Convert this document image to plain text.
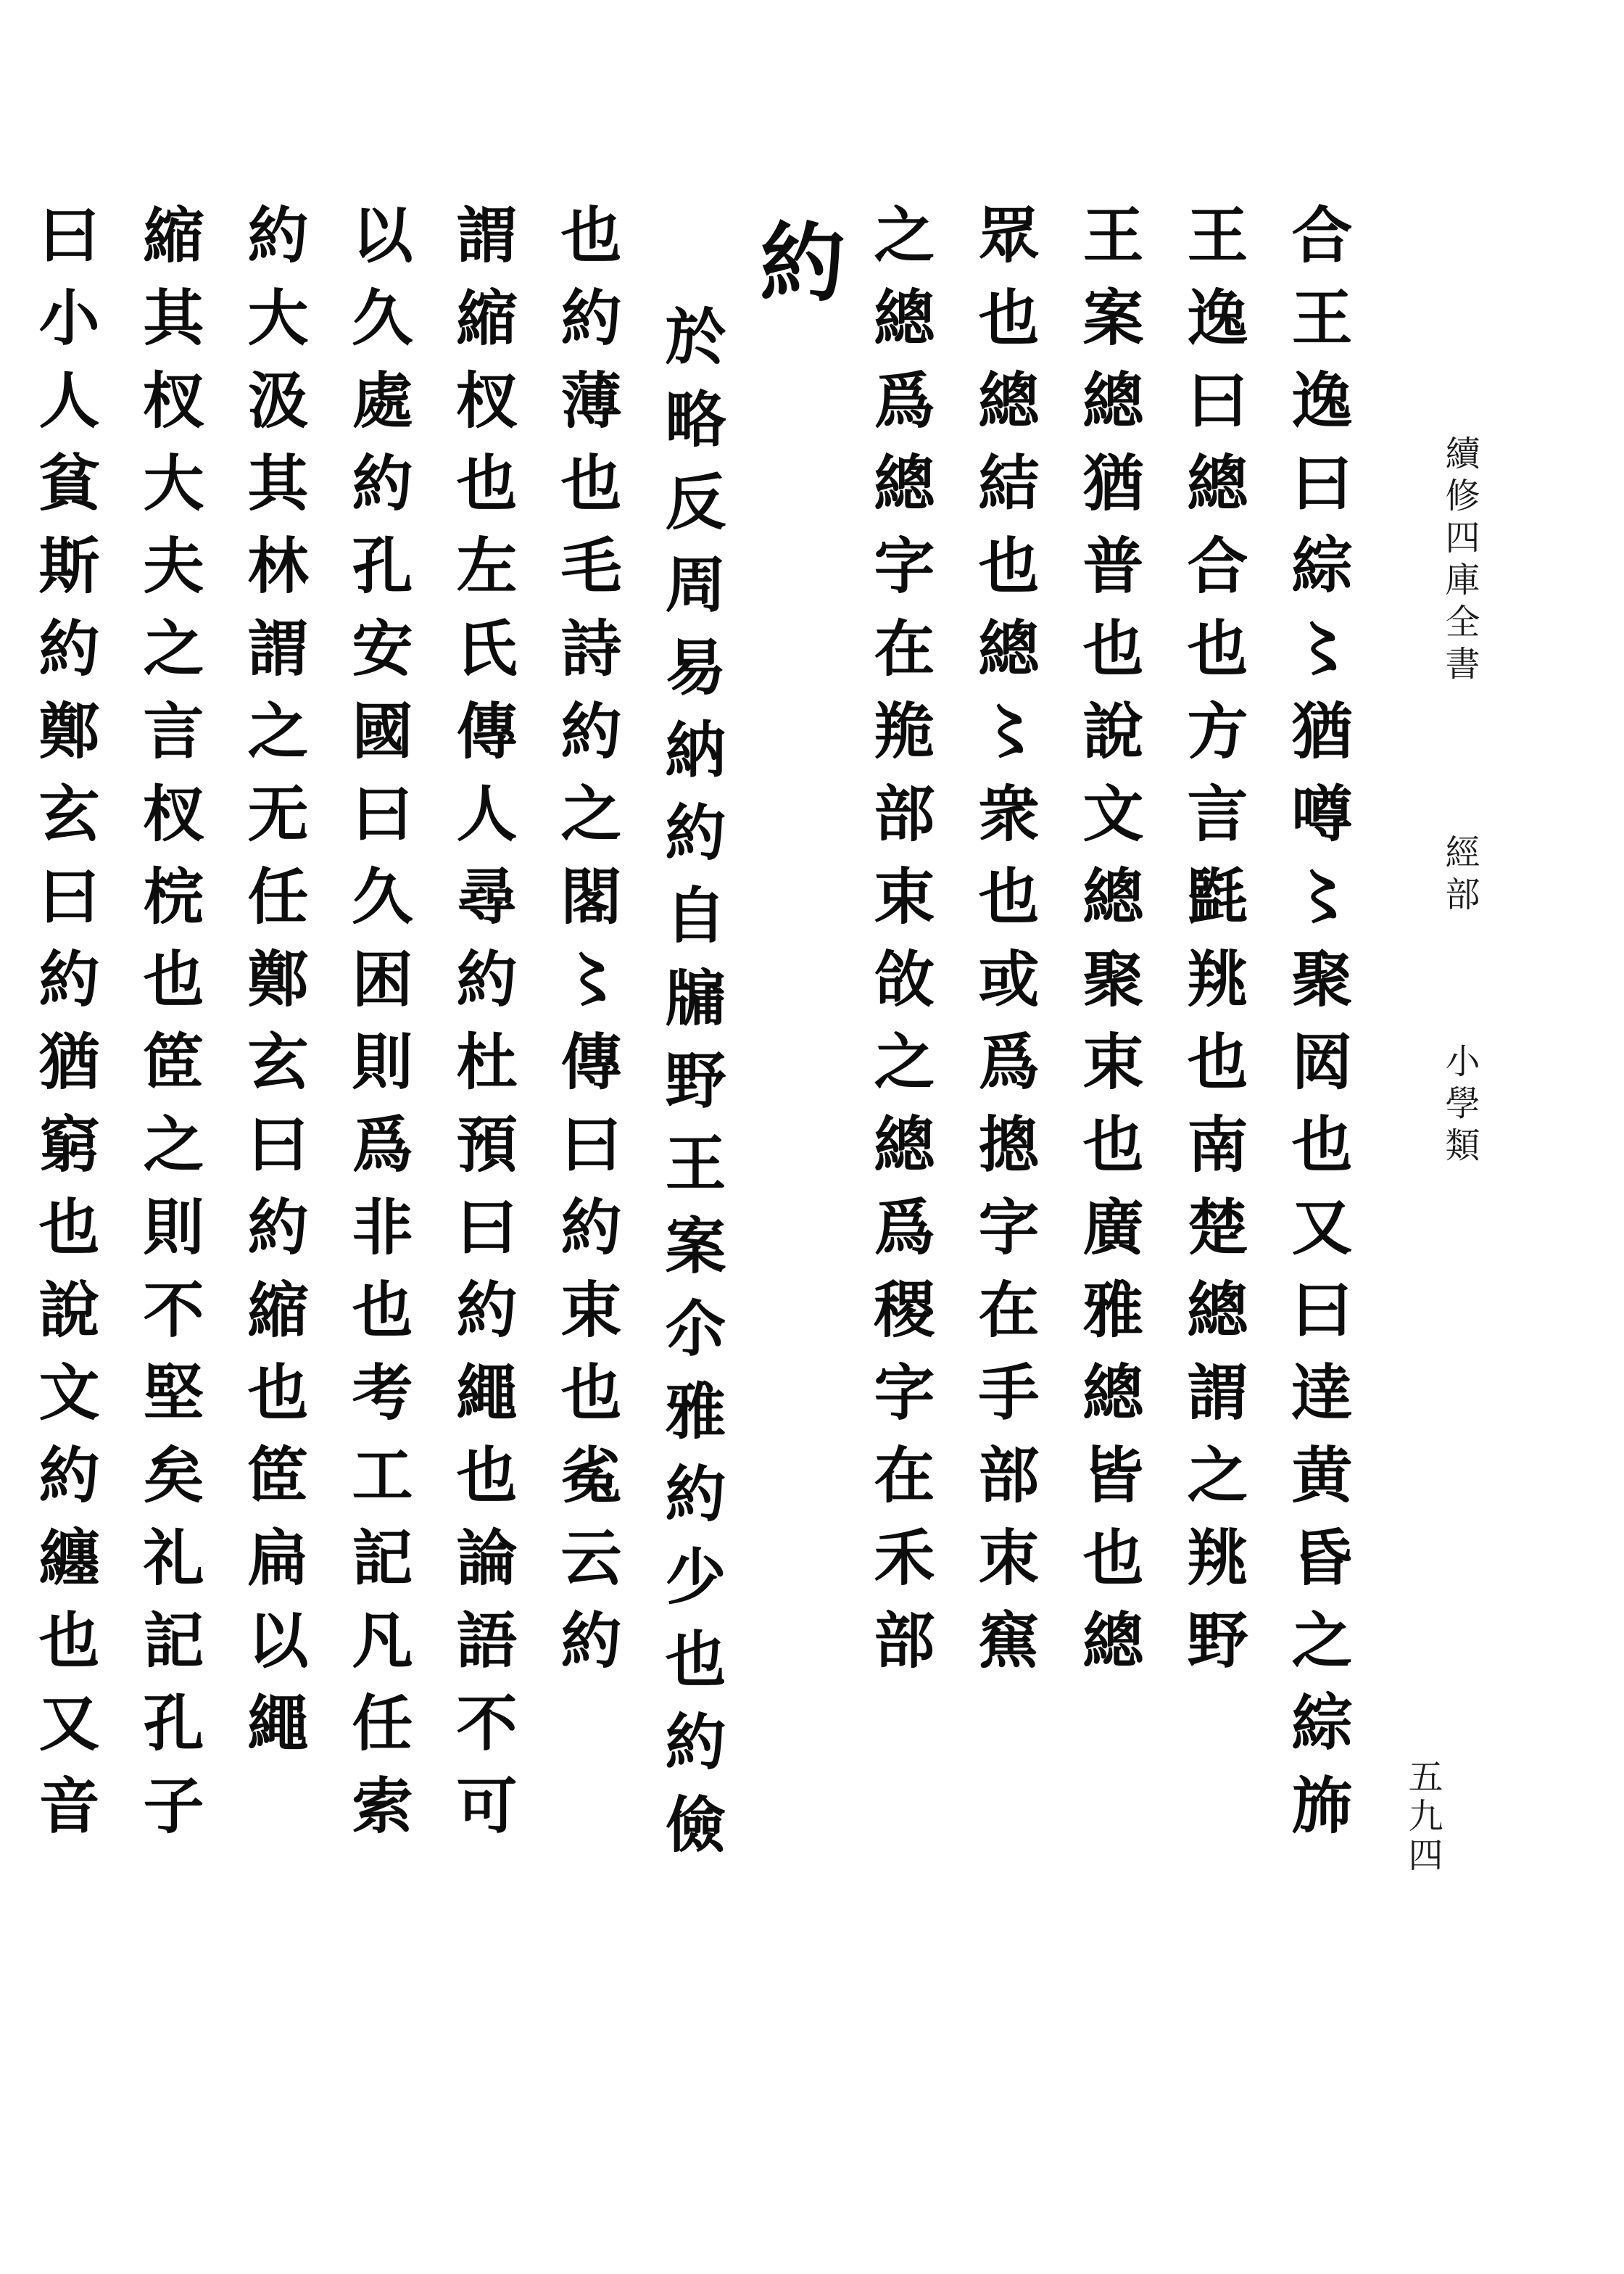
續修四庫全書  經部  小學類
五九四
合王逸曰綜〻猶噂〻聚㒺也又曰逹黄昏之綜斾
王逸曰總合也方言㲯䍮也南楚總謂之䍮野
王案總猶普也說文總聚束也廣雅總皆也總
眾也總結也總〻衆也或爲摠字在手部朿䆶
之總爲總字在䍯部束㪉之總爲稷字在禾部
約
於略反周易納約自牖野王案尒雅約少也約儉
也約薄也毛詩約之閣〻傳曰約束也㝹云約
謂縮杈也左氏傳人尋約杜預曰約繩也論語不可
以久處約孔安國曰久困則爲非也考工記凡任索
約大汲其林謂之无任鄭玄曰約縮也䇫扁以繩
縮其杈大夫之言杈梡也䇫之則不堅矣礼記孔子
曰小人貧斯約鄭玄曰約猶窮也說文約纏也又音
